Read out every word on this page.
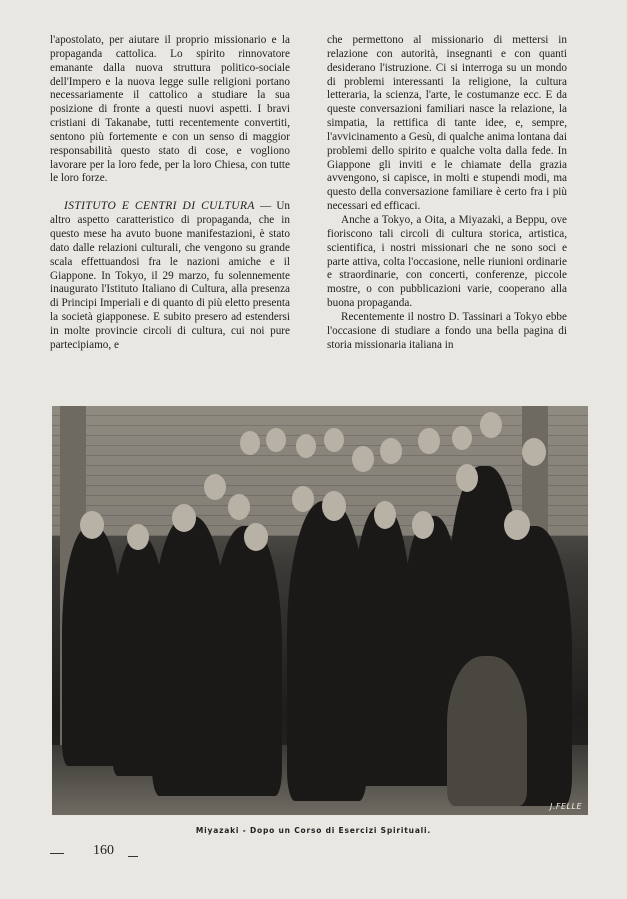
l'apostolato, per aiutare il proprio missionario e la propaganda cattolica. Lo spirito rinnovatore emanante dalla nuova struttura politico-sociale dell'Impero e la nuova legge sulle religioni portano necessariamente il cattolico a studiare la sua posizione di fronte a questi nuovi aspetti. I bravi cristiani di Takanabe, tutti recentemente convertiti, sentono più fortemente e con un senso di maggior responsabilità questo stato di cose, e vogliono lavorare per la loro fede, per la loro Chiesa, con tutte le loro forze.

ISTITUTO E CENTRI DI CULTURA — Un altro aspetto caratteristico di propaganda, che in questo mese ha avuto buone manifestazioni, è stato dato dalle relazioni culturali, che vengono su grande scala effettuandosi fra le nazioni amiche e il Giappone. In Tokyo, il 29 marzo, fu solennemente inaugurato l'Istituto Italiano di Cultura, alla presenza di Principi Imperiali e di quanto di più eletto presenta la società giapponese. E subito presero ad estendersi in molte provincie circoli di cultura, cui noi pure partecipiamo, e

che permettono al missionario di mettersi in relazione con autorità, insegnanti e con quanti desiderano l'istruzione. Ci si interroga su un mondo di problemi interessanti la religione, la cultura letteraria, la scienza, l'arte, le costumanze ecc. E da queste conversazioni familiari nasce la relazione, la simpatia, la rettifica di tante idee, e, sempre, l'avvicinamento a Gesù, di qualche anima lontana dai problemi dello spirito e qualche volta dalla fede. In Giappone gli inviti e le chiamate della grazia avvengono, si capisce, in molti e stupendi modi, ma questo della conversazione familiare è certo fra i più necessari ed efficaci.

Anche a Tokyo, a Oita, a Miyazaki, a Beppu, ove fioriscono tali circoli di cultura storica, artistica, scientifica, i nostri missionari che ne sono soci e parte attiva, colta l'occasione, nelle riunioni ordinarie e straordinarie, con concerti, conferenze, piccole mostre, o con pubblicazioni varie, cooperano alla buona propaganda.

Recentemente il nostro D. Tassinari a Tokyo ebbe l'occasione di studiare a fondo una bella pagina di storia missionaria italiana in

J.FELLE
Miyazaki - Dopo un Corso di Esercizi Spirituali.
160
